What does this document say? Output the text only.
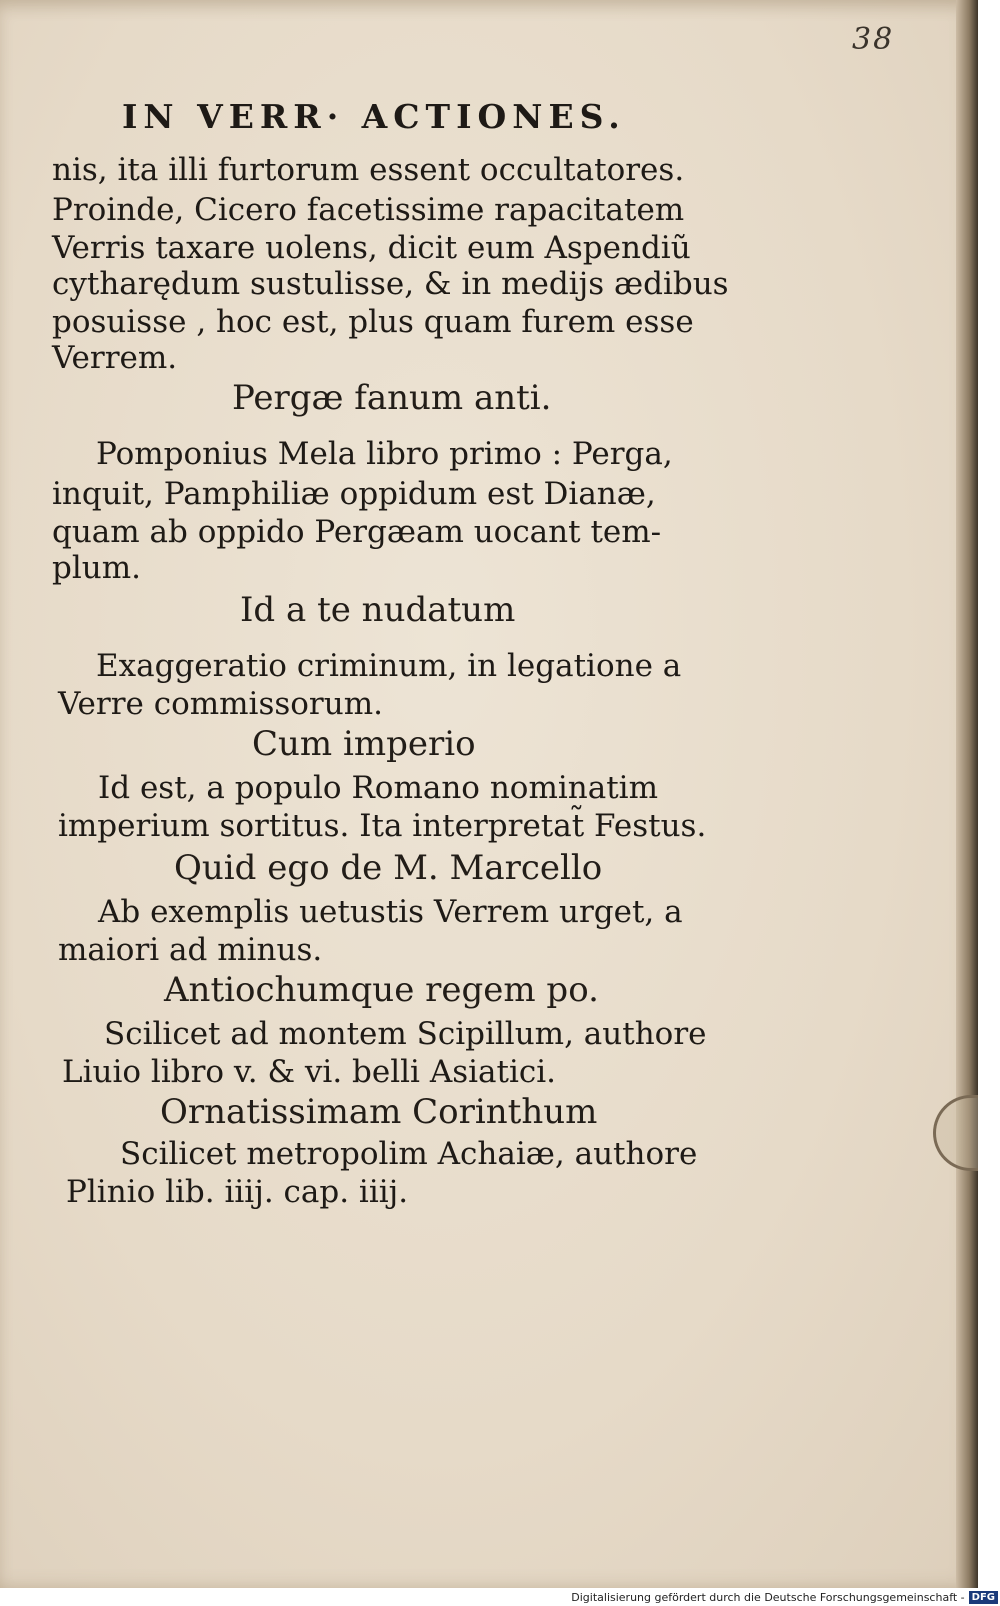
38
IN VERR· ACTIONES.
nis, ita illi furtorum essent occultatores.
Proinde, Cicero facetissime rapacitatem
Verris taxare uolens, dicit eum Aspendiũ
cytharędum sustulisse, & in medijs ædibus
posuisse , hoc est, plus quam furem esse
Verrem.
Pergæ fanum anti.
Pomponius Mela libro primo : Perga,
inquit, Pamphiliæ oppidum est Dianæ,
quam ab oppido Pergæam uocant tem-
plum.
Id a te nudatum
Exaggeratio criminum, in legatione a
Verre commissorum.
Cum imperio
Id est, a populo Romano nominatim
imperium sortitus. Ita interpretat̃ Festus.
Quid ego de M. Marcello
Ab exemplis uetustis Verrem urget, a
maiori ad minus.
Antiochumque regem po.
Scilicet ad montem Scipillum, authore
Liuio libro v. & vi. belli Asiatici.
Ornatissimam Corinthum
Scilicet metropolim Achaiæ, authore
Plinio lib. iiij. cap. iiij.
Digitalisierung gefördert durch die Deutsche Forschungsgemeinschaft - DFG
